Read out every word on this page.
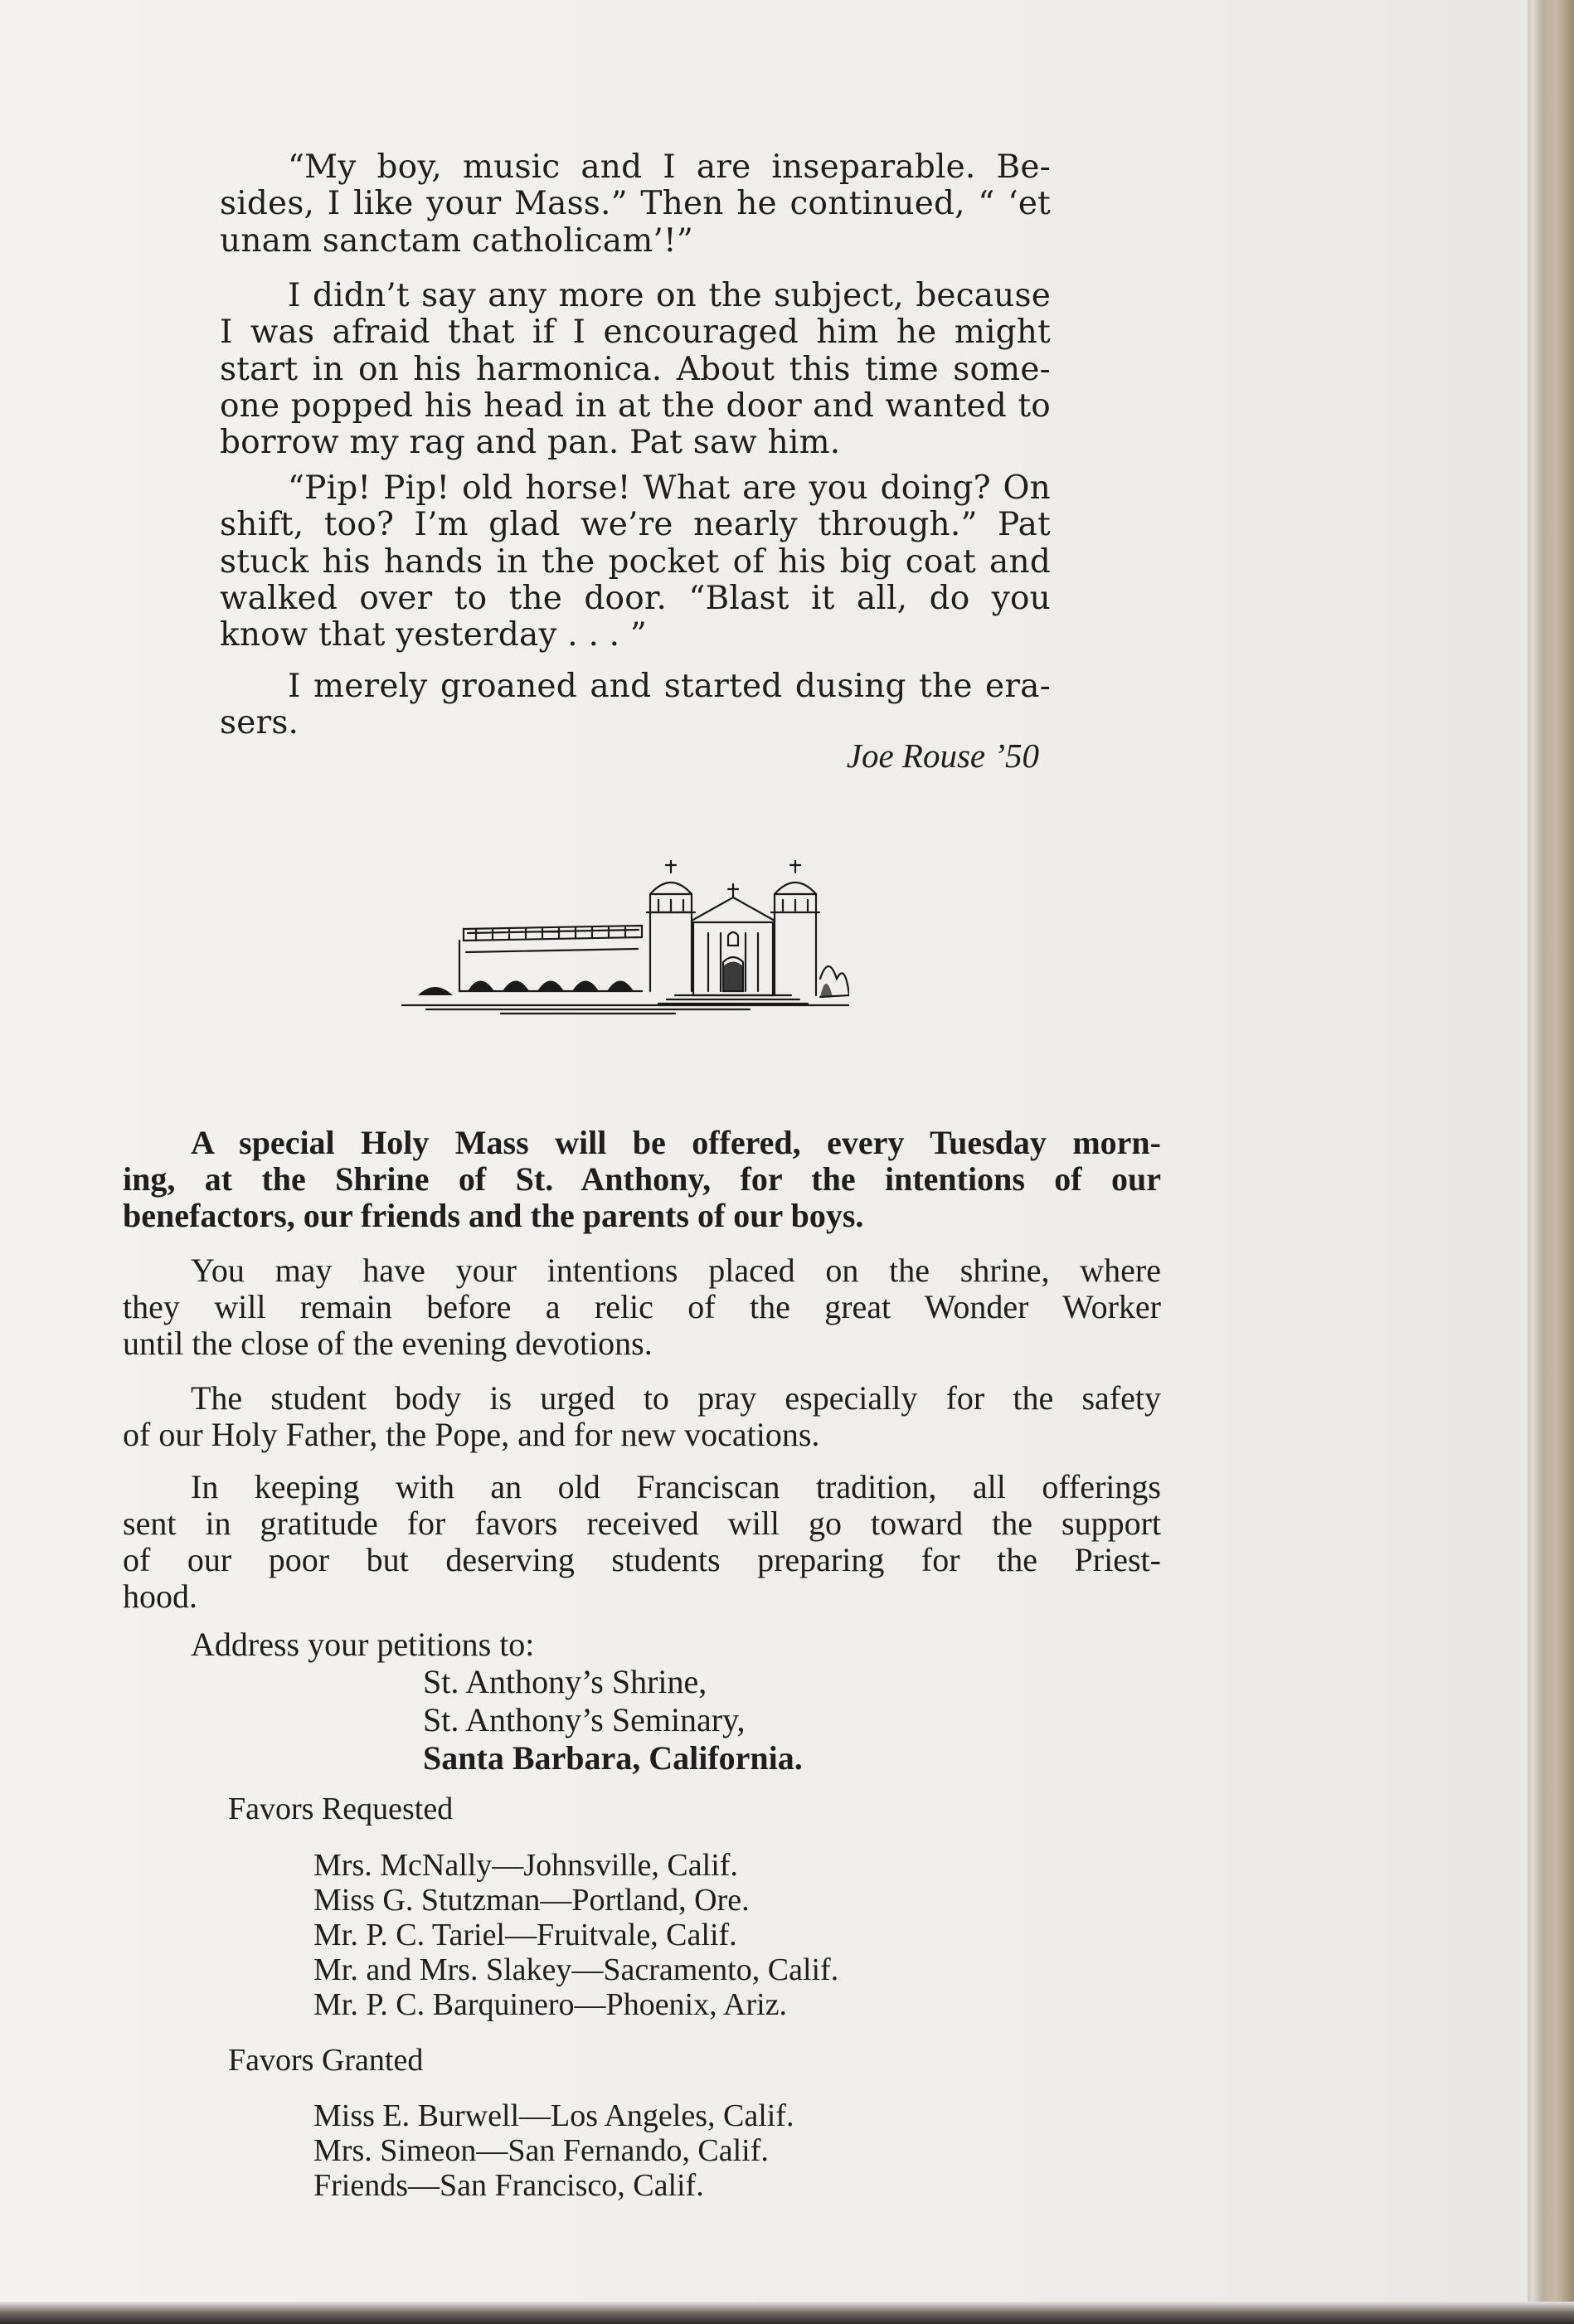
“My boy, music and I are inseparable. Be-
sides, I like your Mass.” Then he continued, “ ‘et
unam sanctam catholicam’!”

I didn’t say any more on the subject, because
I was afraid that if I encouraged him he might
start in on his harmonica. About this time some-
one popped his head in at the door and wanted to
borrow my rag and pan. Pat saw him.

“Pip! Pip! old horse! What are you doing? On
shift, too? I’m glad we’re nearly through.” Pat
stuck his hands in the pocket of his big coat and
walked over to the door. “Blast it all, do you
know that yesterday . . . ”

I merely groaned and started dusing the era-
sers.

Joe Rouse ’50

A special Holy Mass will be offered, every Tuesday morn-
ing, at the Shrine of St. Anthony, for the intentions of our
benefactors, our friends and the parents of our boys.

You may have your intentions placed on the shrine, where
they will remain before a relic of the great Wonder Worker
until the close of the evening devotions.

The student body is urged to pray especially for the safety
of our Holy Father, the Pope, and for new vocations.

In keeping with an old Franciscan tradition, all offerings
sent in gratitude for favors received will go toward the support
of our poor but deserving students preparing for the Priest-
hood.

Address your petitions to:
St. Anthony’s Shrine,
St. Anthony’s Seminary,
Santa Barbara, California.
Favors Requested
Mrs. McNally—Johnsville, Calif.
Miss G. Stutzman—Portland, Ore.
Mr. P. C. Tariel—Fruitvale, Calif.
Mr. and Mrs. Slakey—Sacramento, Calif.
Mr. P. C. Barquinero—Phoenix, Ariz.
Favors Granted
Miss E. Burwell—Los Angeles, Calif.
Mrs. Simeon—San Fernando, Calif.
Friends—San Francisco, Calif.
